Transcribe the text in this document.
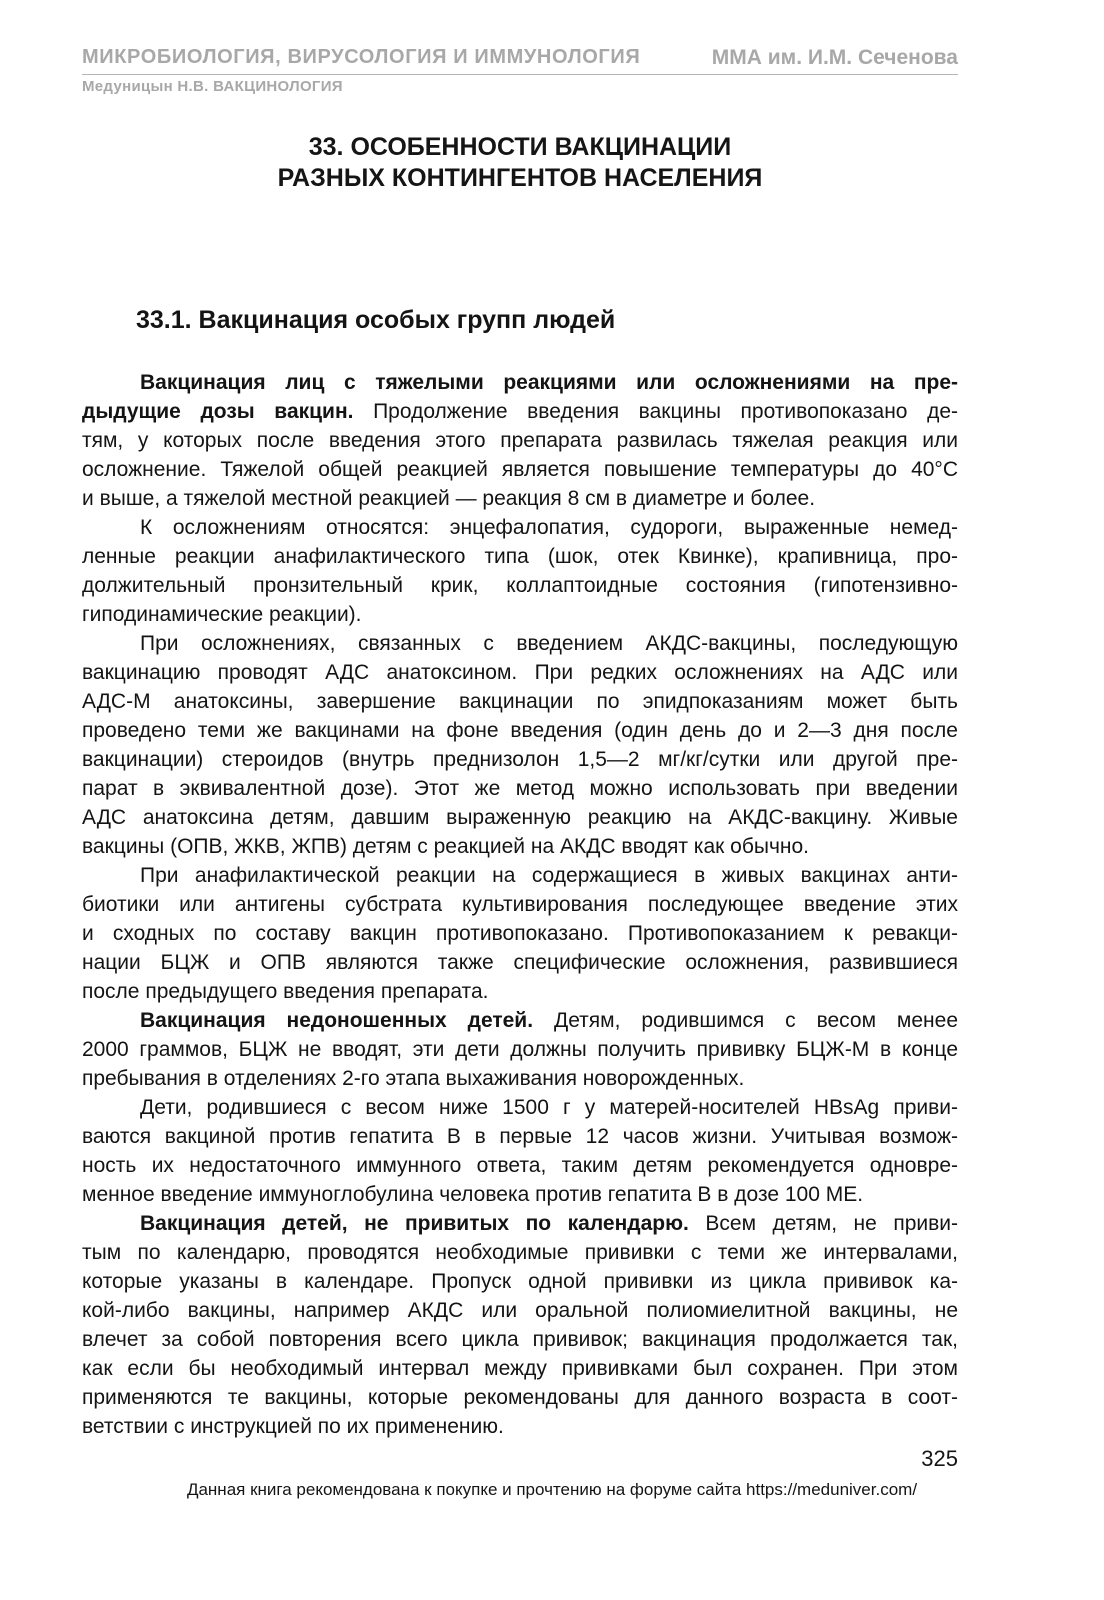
МИКРОБИОЛОГИЯ, ВИРУСОЛОГИЯ И ИММУНОЛОГИЯ	ММА им. И.М. Сеченова
Медуницын Н.В. ВАКЦИНОЛОГИЯ
33. ОСОБЕННОСТИ ВАКЦИНАЦИИ
РАЗНЫХ КОНТИНГЕНТОВ НАСЕЛЕНИЯ
33.1. Вакцинация особых групп людей
Вакцинация лиц с тяжелыми реакциями или осложнениями на пре-
дыдущие дозы вакцин. Продолжение введения вакцины противопоказано де-
тям, у которых после введения этого препарата развилась тяжелая реакция или
осложнение. Тяжелой общей реакцией является повышение температуры до 40°С
и выше, а тяжелой местной реакцией — реакция 8 см в диаметре и более.
К осложнениям относятся: энцефалопатия, судороги, выраженные немед-
ленные реакции анафилактического типа (шок, отек Квинке), крапивница, про-
должительный пронзительный крик, коллаптоидные состояния (гипотензивно-
гиподинамические реакции).
При осложнениях, связанных с введением АКДС-вакцины, последующую
вакцинацию проводят АДС анатоксином. При редких осложнениях на АДС или
АДС-М анатоксины, завершение вакцинации по эпидпоказаниям может быть
проведено теми же вакцинами на фоне введения (один день до и 2—3 дня после
вакцинации) стероидов (внутрь преднизолон 1,5—2 мг/кг/сутки или другой пре-
парат в эквивалентной дозе). Этот же метод можно использовать при введении
АДС анатоксина детям, давшим выраженную реакцию на АКДС-вакцину. Живые
вакцины (ОПВ, ЖКВ, ЖПВ) детям с реакцией на АКДС вводят как обычно.
При анафилактической реакции на содержащиеся в живых вакцинах анти-
биотики или антигены субстрата культивирования последующее введение этих
и сходных по составу вакцин противопоказано. Противопоказанием к ревакци-
нации БЦЖ и ОПВ являются также специфические осложнения, развившиеся
после предыдущего введения препарата.
Вакцинация недоношенных детей. Детям, родившимся с весом менее
2000 граммов, БЦЖ не вводят, эти дети должны получить прививку БЦЖ-М в конце
пребывания в отделениях 2-го этапа выхаживания новорожденных.
Дети, родившиеся с весом ниже 1500 г у матерей-носителей HBsAg приви-
ваются вакциной против гепатита В в первые 12 часов жизни. Учитывая возмож-
ность их недостаточного иммунного ответа, таким детям рекомендуется одновре-
менное введение иммуноглобулина человека против гепатита В в дозе 100 ME.
Вакцинация детей, не привитых по календарю. Всем детям, не приви-
тым по календарю, проводятся необходимые прививки с теми же интервалами,
которые указаны в календаре. Пропуск одной прививки из цикла прививок ка-
кой-либо вакцины, например АКДС или оральной полиомиелитной вакцины, не
влечет за собой повторения всего цикла прививок; вакцинация продолжается так,
как если бы необходимый интервал между прививками был сохранен. При этом
применяются те вакцины, которые рекомендованы для данного возраста в соот-
ветствии с инструкцией по их применению.
325
Данная книга рекомендована к покупке и прочтению на форуме сайта https://meduniver.com/
